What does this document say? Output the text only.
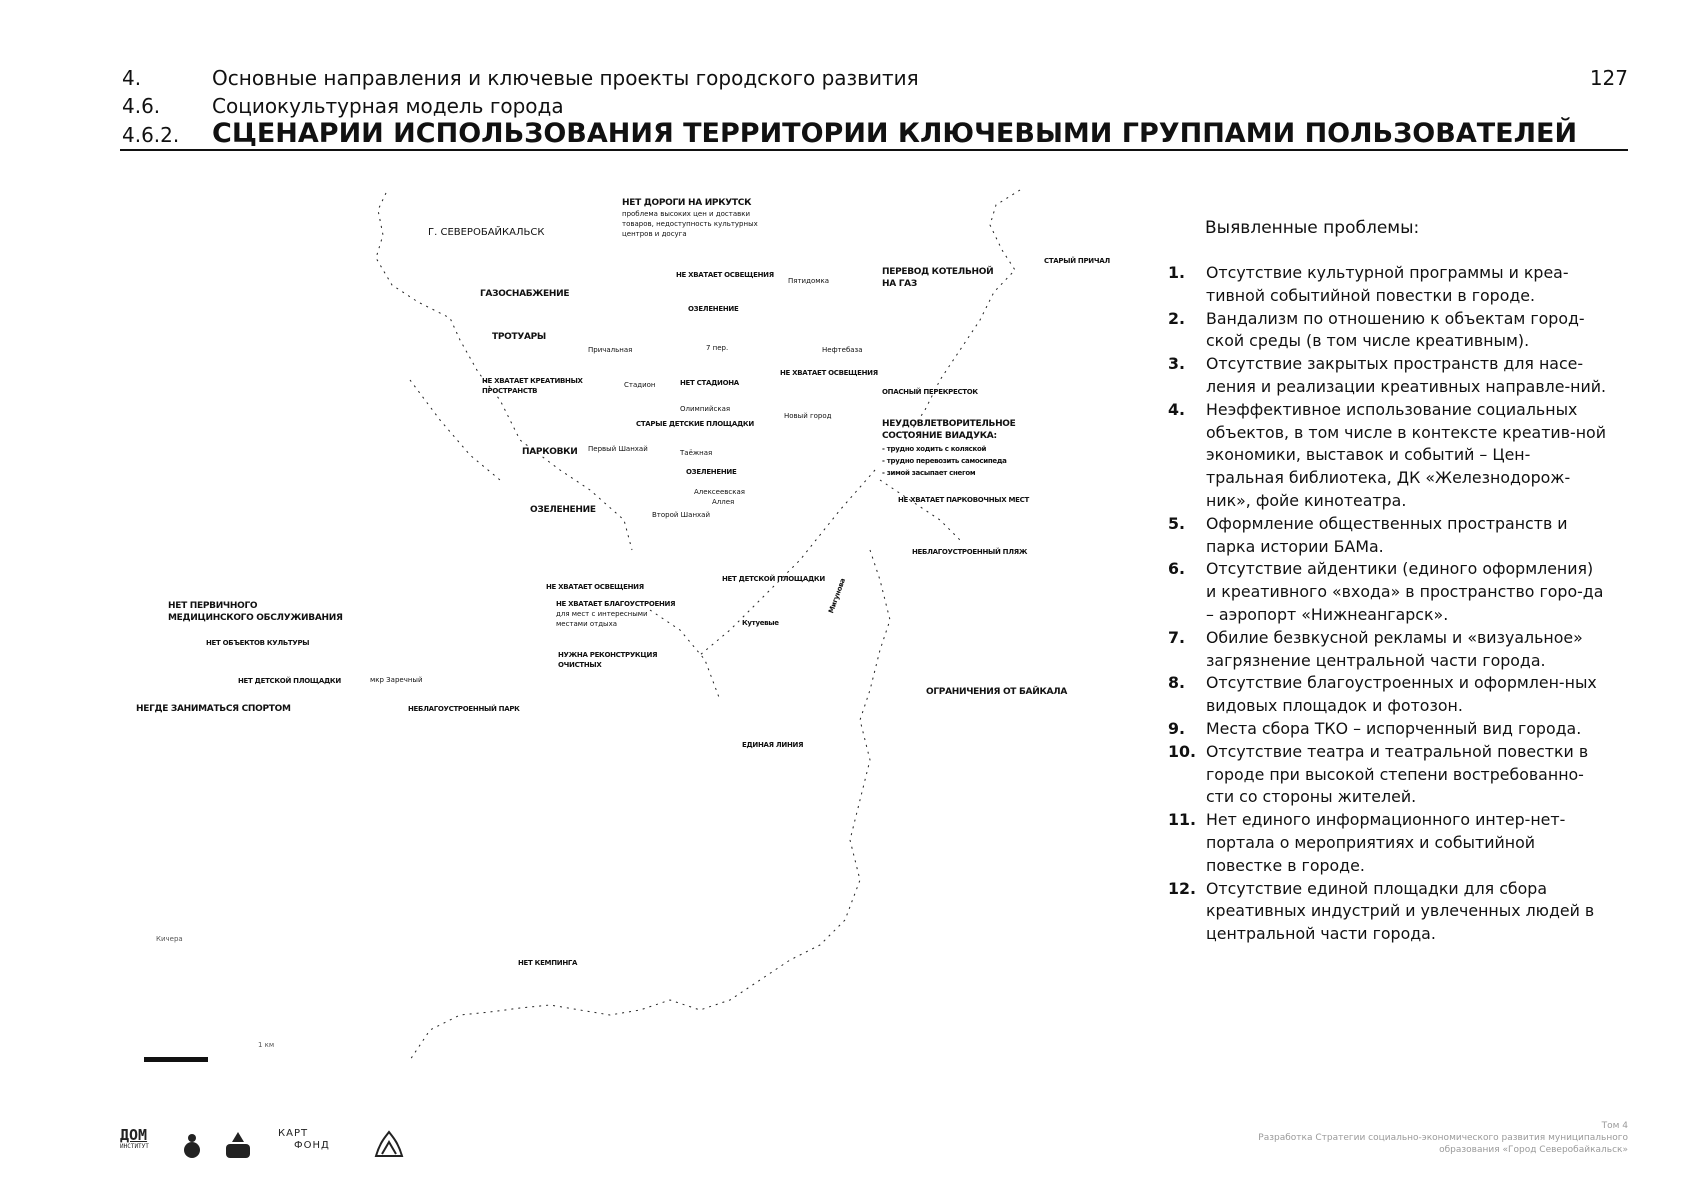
4.	Основные направления и ключевые проекты городского развития
4.6.	Социокультурная модель города
4.6.2. СЦЕНАРИИ ИСПОЛЬЗОВАНИЯ ТЕРРИТОРИИ КЛЮЧЕВЫМИ ГРУППАМИ ПОЛЬЗОВАТЕЛЕЙ
127
Г. СЕВЕРОБАЙКАЛЬСК
НЕТ ДОРОГИ НА ИРКУТСК
проблема высоких цен и доставки
товаров, недоступность культурных
центров и досуга
НЕ ХВАТАЕТ ОСВЕЩЕНИЯ
Пятидомка
ПЕРЕВОД КОТЕЛЬНОЙ
НА ГАЗ
СТАРЫЙ ПРИЧАЛ
ГАЗОСНАБЖЕНИЕ
ОЗЕЛЕНЕНИЕ
ТРОТУАРЫ
Причальная	7 пер.	Нефтебаза
НЕ ХВАТАЕТ КРЕАТИВНЫХ
ПРОСТРАНСТВ
Стадион	НЕТ СТАДИОНА
НЕ ХВАТАЕТ ОСВЕЩЕНИЯ
ОПАСНЫЙ ПЕРЕКРЕСТОК
Олимпийская
Новый город
СТАРЫЕ ДЕТСКИЕ ПЛОЩАДКИ	НЕУДОВЛЕТВОРИТЕЛЬНОЕ
СОСТОЯНИЕ ВИАДУКА:
- трудно ходить с коляской
- трудно перевозить самосипеда
- зимой засыпает снегом
ПАРКОВКИ Первый Шанхай	Таёжная
ОЗЕЛЕНЕНИЕ
НЕ ХВАТАЕТ ПАРКОВОЧНЫХ МЕСТ
Алексеевская
Аллея
ОЗЕЛЕНЕНИЕ	Второй Шанхай
НЕБЛАГОУСТРОЕННЫЙ ПЛЯЖ
НЕ ХВАТАЕТ ОСВЕЩЕНИЯ
НЕТ ДЕТСКОЙ ПЛОЩАДКИ
НЕТ ПЕРВИЧНОГО
МЕДИЦИНСКОГО ОБСЛУЖИВАНИЯ
НЕ ХВАТАЕТ БЛАГОУСТРОЕНИЯ
для мест с интересными
местами отдыха	Кутуевые
Мигунова
НЕТ ОБЪЕКТОВ КУЛЬТУРЫ
НУЖНА РЕКОНСТРУКЦИЯ
ОЧИСТНЫХ
НЕТ ДЕТСКОЙ ПЛОЩАДКИ	мкр Заречный
ОГРАНИЧЕНИЯ ОТ БАЙКАЛА
НЕГДЕ ЗАНИМАТЬСЯ СПОРТОМ	НЕБЛАГОУСТРОЕННЫЙ ПАРК
ЕДИНАЯ ЛИНИЯ
Кичера
НЕТ КЕМПИНГА
1 км
Выявленные проблемы:
1. Отсутствие культурной программы и креа-тивной событийной повестки в городе.
2. Вандализм по отношению к объектам город-ской среды (в том числе креативным).
3. Отсутствие закрытых пространств для насе-ления и реализации креативных направле-ний.
4. Неэффективное использование социальных объектов, в том числе в контексте креатив-ной экономики, выставок и событий – Цен-тральная библиотека, ДК «Железнодорож-ник», фойе кинотеатра.
5. Оформление общественных пространств и парка истории БАМа.
6. Отсутствие айдентики (единого оформления) и креативного «входа» в пространство горо-да – аэропорт «Нижнеангарск».
7. Обилие безвкусной рекламы и «визуальное» загрязнение центральной части города.
8. Отсутствие благоустроенных и оформлен-ных видовых площадок и фотозон.
9. Места сбора ТКО – испорченный вид города.
10. Отсутствие театра и театральной повестки в городе при высокой степени востребованно-сти со стороны жителей.
11. Нет единого информационного интер-нет-портала о мероприятиях и событийной повестке в городе.
12. Отсутствие единой площадки для сбора креативных индустрий и увлеченных людей в центральной части города.
ДОМ
ИНСТИТУТ
КАРТ
ФОНД
Том 4
Разработка Стратегии социально-экономического развития муниципального
образования «Город Северобайкальск»
